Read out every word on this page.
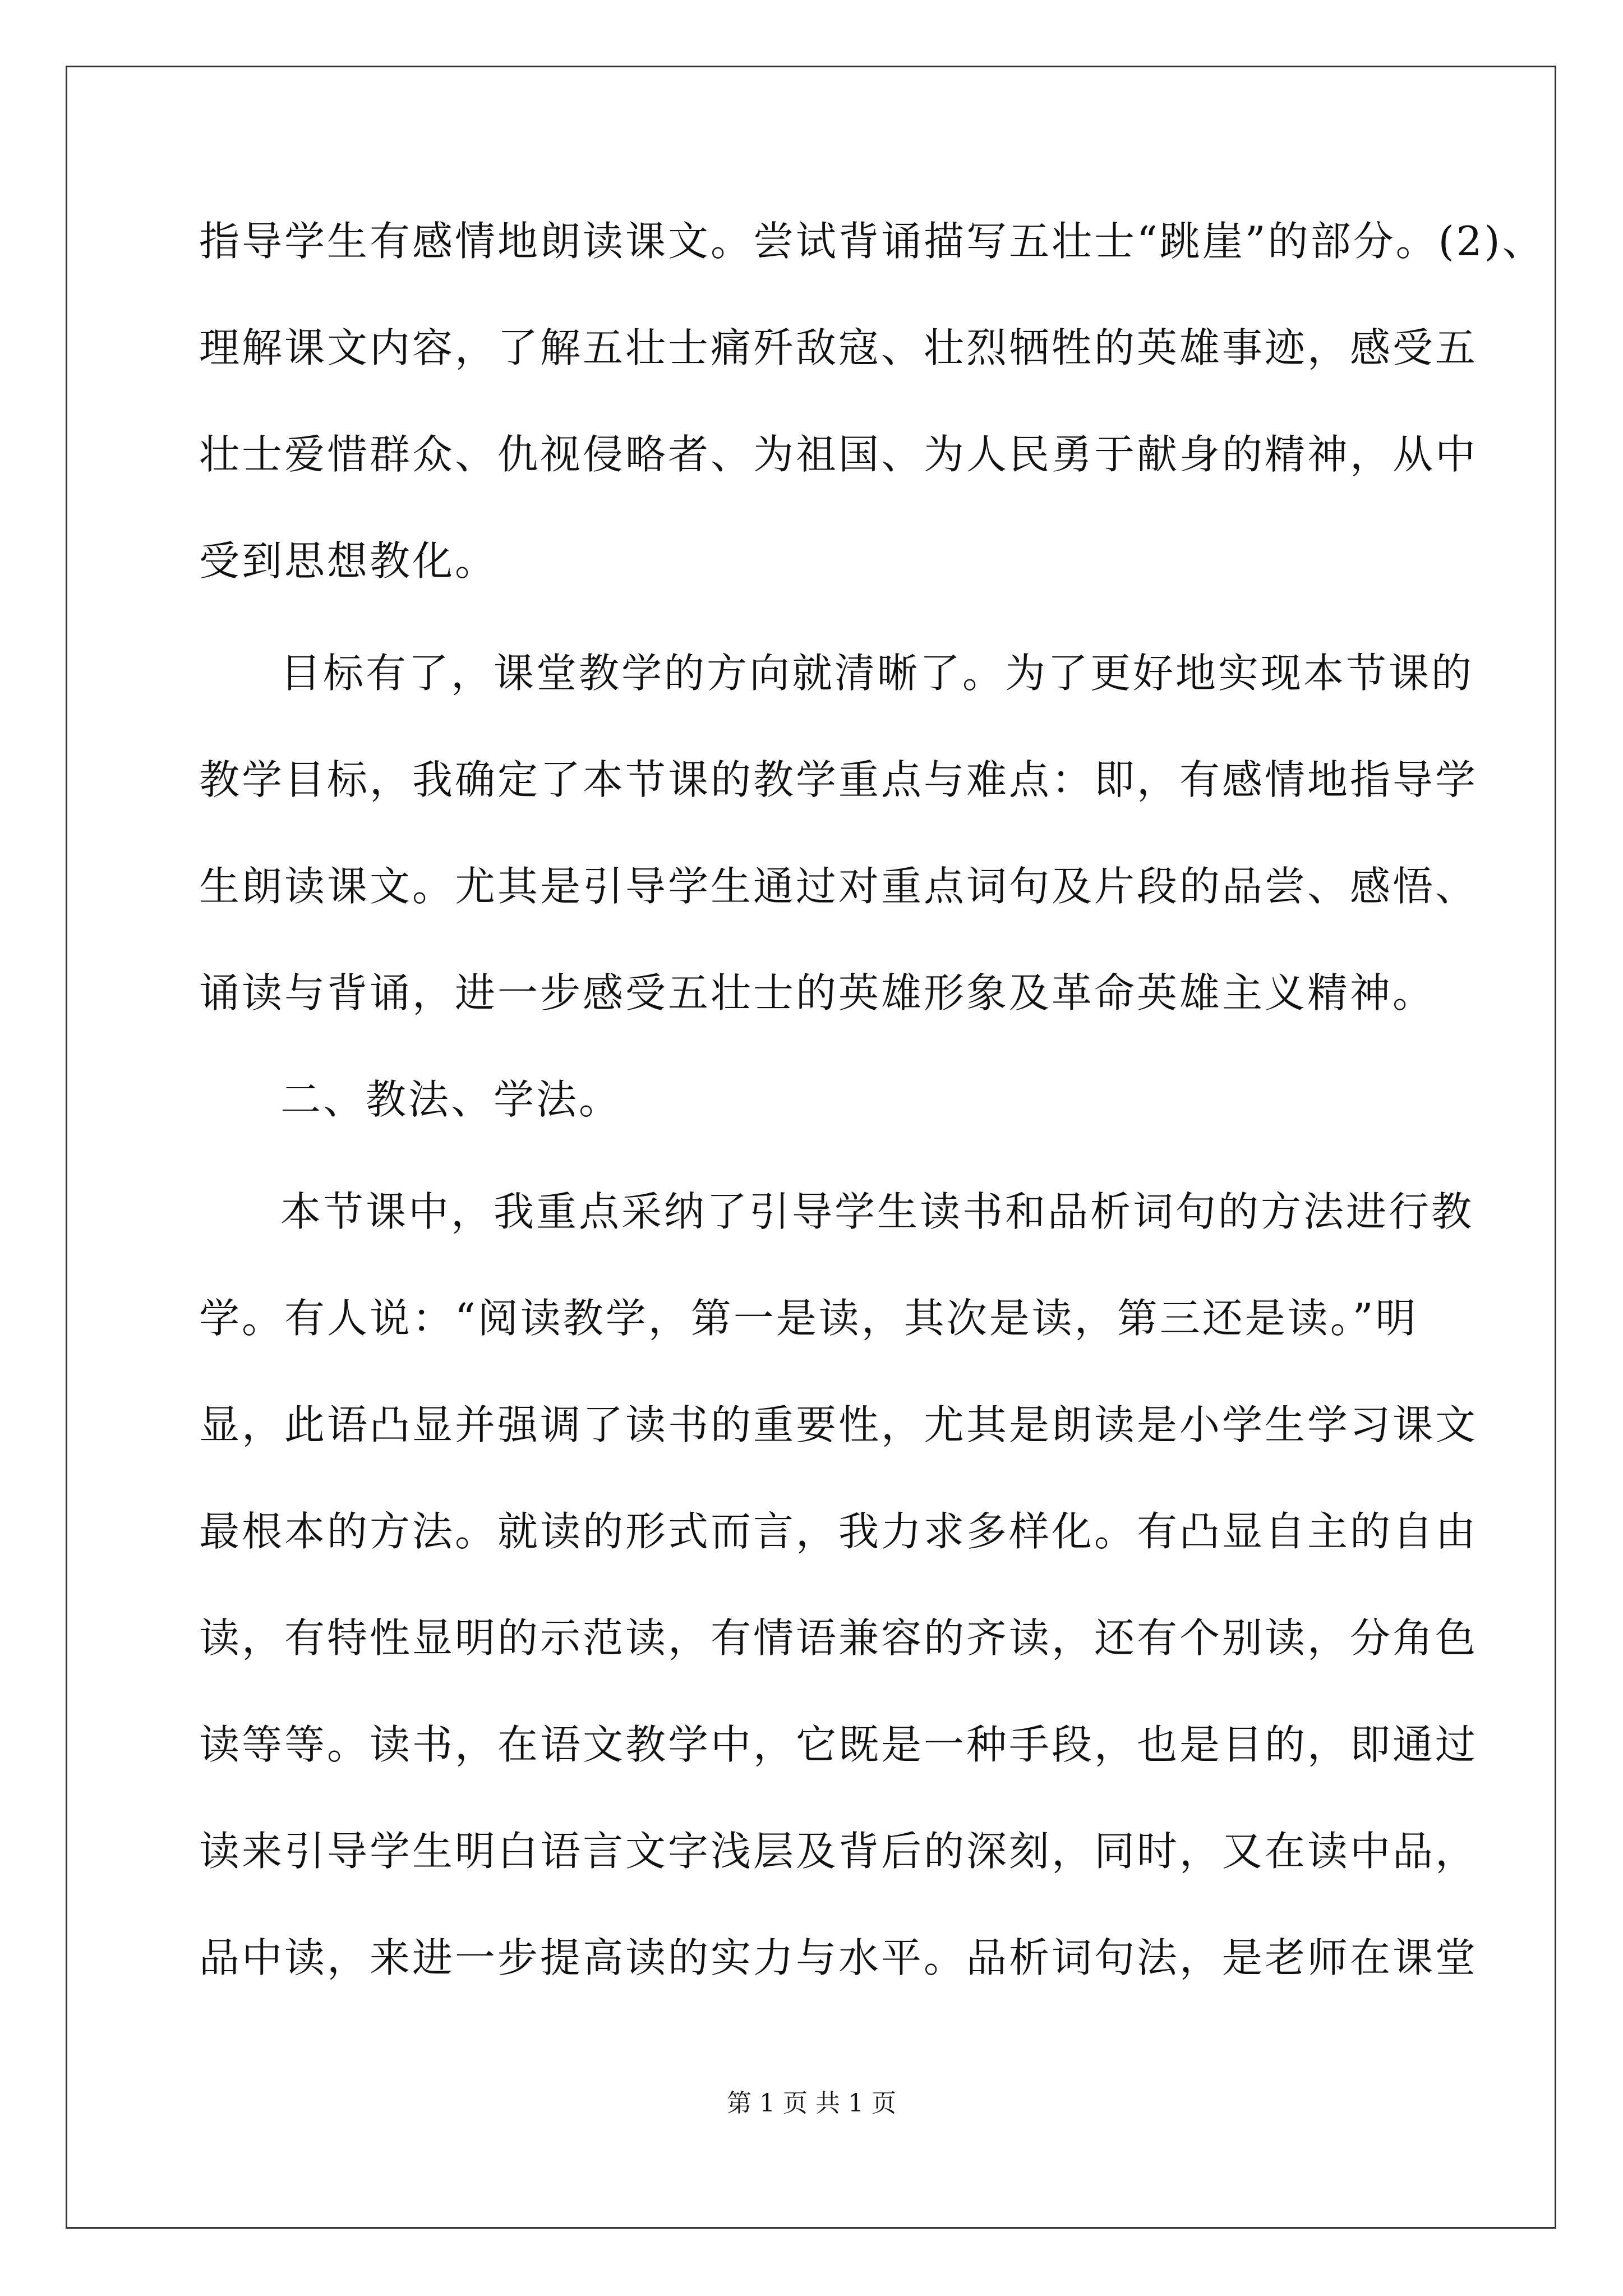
指导学生有感情地朗读课文。尝试背诵描写五壮士“跳崖”的部分。(2)、
理解课文内容，了解五壮士痛歼敌寇、壮烈牺牲的英雄事迹，感受五
壮士爱惜群众、仇视侵略者、为祖国、为人民勇于献身的精神，从中
受到思想教化。
目标有了，课堂教学的方向就清晰了。为了更好地实现本节课的
教学目标，我确定了本节课的教学重点与难点：即，有感情地指导学
生朗读课文。尤其是引导学生通过对重点词句及片段的品尝、感悟、
诵读与背诵，进一步感受五壮士的英雄形象及革命英雄主义精神。
二、教法、学法。
本节课中，我重点采纳了引导学生读书和品析词句的方法进行教
学。有人说：“阅读教学，第一是读，其次是读，第三还是读。”明
显，此语凸显并强调了读书的重要性，尤其是朗读是小学生学习课文
最根本的方法。就读的形式而言，我力求多样化。有凸显自主的自由
读，有特性显明的示范读，有情语兼容的齐读，还有个别读，分角色
读等等。读书，在语文教学中，它既是一种手段，也是目的，即通过
读来引导学生明白语言文字浅层及背后的深刻，同时，又在读中品，
品中读，来进一步提高读的实力与水平。品析词句法，是老师在课堂
第 1 页 共 1 页
